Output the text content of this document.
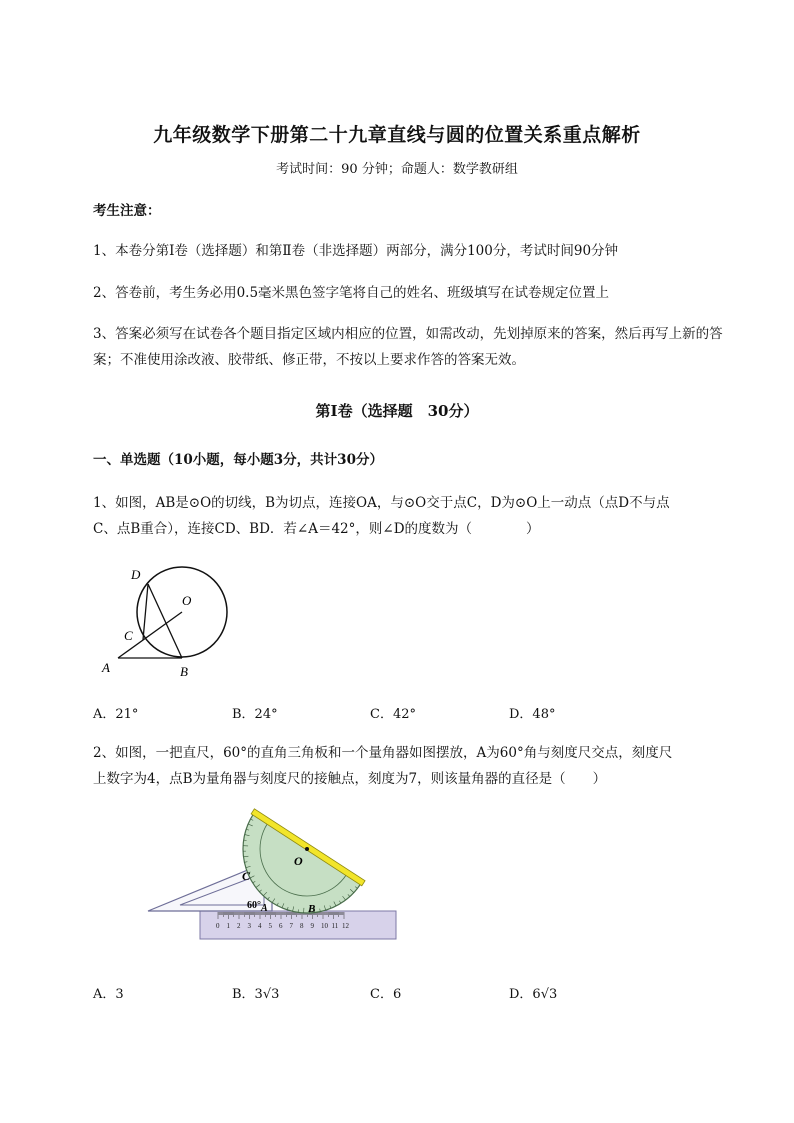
九年级数学下册第二十九章直线与圆的位置关系重点解析
考试时间：90 分钟；命题人：数学教研组
考生注意：
1、本卷分第Ⅰ卷（选择题）和第Ⅱ卷（非选择题）两部分，满分100分，考试时间90分钟
2、答卷前，考生务必用0.5毫米黑色签字笔将自己的姓名、班级填写在试卷规定位置上
3、答案必须写在试卷各个题目指定区域内相应的位置，如需改动，先划掉原来的答案，然后再写上新的答案；不准使用涂改液、胶带纸、修正带，不按以上要求作答的答案无效。
第Ⅰ卷（选择题　30分）
一、单选题（10小题，每小题3分，共计30分）
1、如图，AB是⊙O的切线，B为切点，连接OA，与⊙O交于点C，D为⊙O上一动点（点D不与点
C、点B重合），连接CD、BD．若∠A＝42°，则∠D的度数为（　　　　）
D
O
C
A	B
A．21°	B．24°	C．42°	D．48°
2、如图，一把直尺，60°的直角三角板和一个量角器如图摆放，A为60°角与刻度尺交点，刻度尺
上数字为4，点B为量角器与刻度尺的接触点，刻度为7，则该量角器的直径是（　　）
0 1 2 3 4 5 6 7 8 9 10 11 12
O
C
60° A	B
A．3	B．3√3	C．6	D．6√3
